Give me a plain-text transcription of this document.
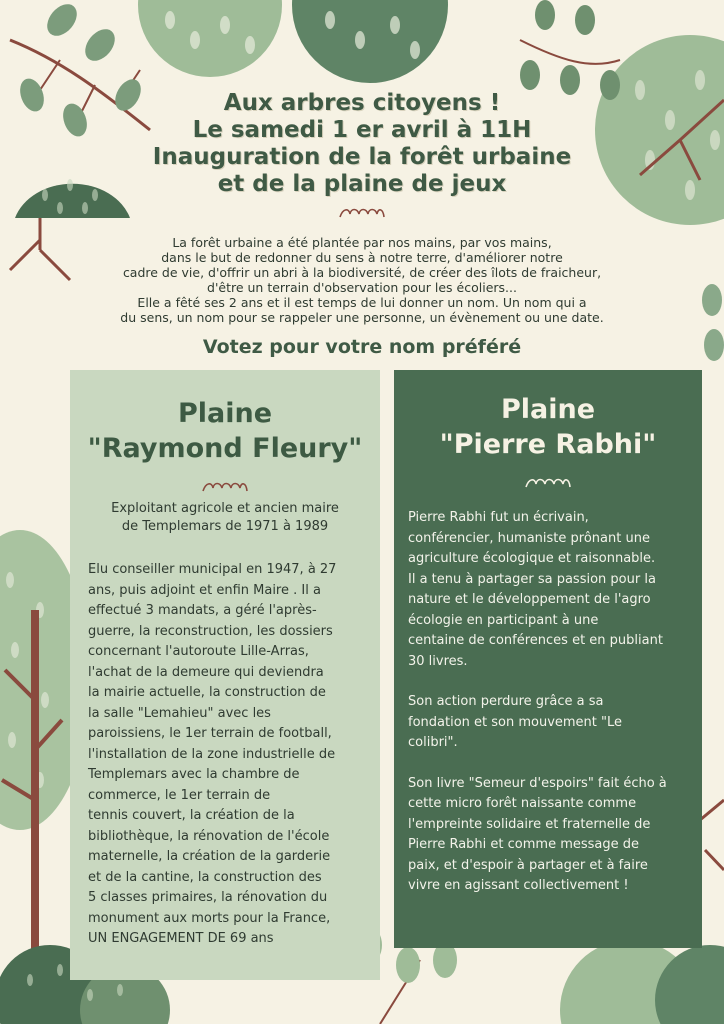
Aux arbres citoyens !
Le samedi 1 er avril à 11H
Inauguration de la forêt urbaine
et de la plaine de jeux
La forêt urbaine a été plantée par nos mains, par vos mains,
dans le but de redonner du sens à notre terre, d'améliorer notre
cadre de vie, d'offrir un abri à la biodiversité, de créer des îlots de fraicheur,
d'être un terrain d'observation pour les écoliers...
Elle a fêté ses 2 ans et il est temps de lui donner un nom. Un nom qui a
du sens, un nom pour se rappeler une personne, un évènement ou une date.
Votez pour votre nom préféré
Plaine
"Raymond Fleury"
Exploitant agricole et ancien maire
de Templemars de 1971 à 1989
Elu conseiller municipal en 1947, à 27
ans, puis adjoint et enfin Maire . Il a
effectué 3 mandats, a géré l'après-
guerre, la reconstruction, les dossiers
concernant l'autoroute Lille-Arras,
l'achat de la demeure qui deviendra
la mairie actuelle, la construction de
la salle "Lemahieu" avec les
paroissiens, le 1er terrain de football,
l'installation de la zone industrielle de
Templemars avec la chambre de
commerce, le 1er terrain de
tennis couvert, la création de la
bibliothèque, la rénovation de l'école
maternelle, la création de la garderie
et de la cantine, la construction des
5 classes primaires, la rénovation du
monument aux morts pour la France,
UN ENGAGEMENT DE 69 ans
Plaine
"Pierre Rabhi"
Pierre Rabhi fut un écrivain,
conférencier, humaniste prônant une
agriculture écologique et raisonnable.
Il a tenu à partager sa passion pour la
nature et le développement de l'agro
écologie en participant à une
centaine de conférences et en publiant
30 livres.
Son action perdure grâce a sa
fondation et son mouvement "Le
colibri".
Son livre "Semeur d'espoirs" fait écho à
cette micro forêt naissante comme
l'empreinte solidaire et fraternelle de
Pierre Rabhi et comme message de
paix, et d'espoir à partager et à faire
vivre en agissant collectivement !
